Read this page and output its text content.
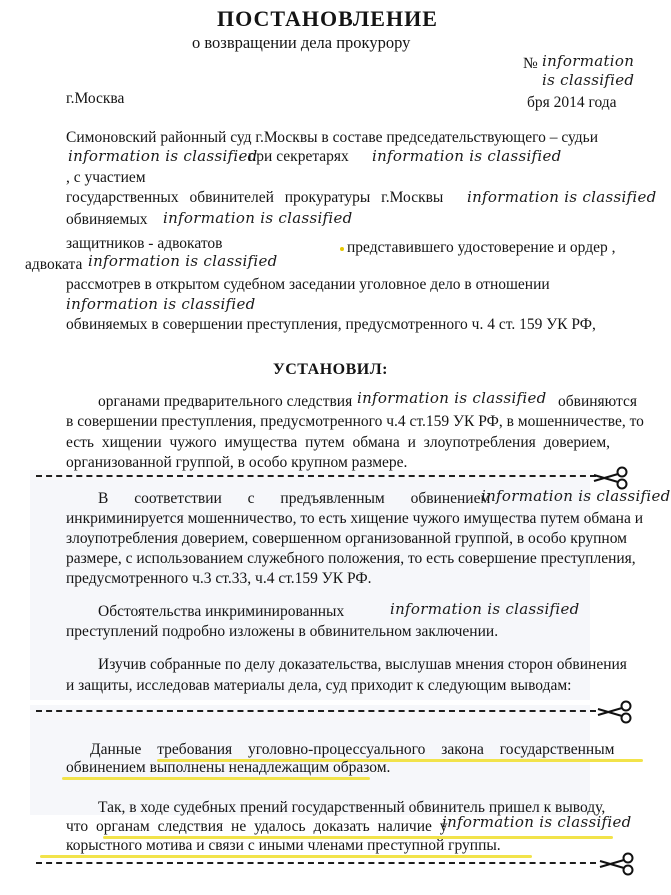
ПОСТАНОВЛЕНИЕ
о возвращении дела прокурору
№ information is classified
г.Москва	бря 2014 года
Симоновский районный суд г.Москвы в составе председательствующего – судьи
information is classified
при секретарях information is classified
, с участием
государственных обвинителей прокуратуры г.Москвы information is classified
обвиняемых information is classified
защитников - адвокатов	представившего удостоверение и ордер ,
адвоката information is classified
рассмотрев в открытом судебном заседании уголовное дело в отношении
information is classified
обвиняемых в совершении преступления, предусмотренного ч. 4 ст. 159 УК РФ,
УСТАНОВИЛ:
органами предварительного следствия information is classified обвиняются
в совершении преступления, предусмотренного ч.4 ст.159 УК РФ, в мошенничестве, то
есть хищении чужого имущества путем обмана и злоупотребления доверием,
организованной группой, в особо крупном размере.
В соответствии с предъявленным обвинением
information is classified
инкриминируется мошенничество, то есть хищение чужого имущества путем обмана и
злоупотребления доверием, совершенном организованной группой, в особо крупном
размере, с использованием служебного положения, то есть совершение преступления,
предусмотренного ч.3 ст.33, ч.4 ст.159 УК РФ.
Обстоятельства инкриминированных	information is classified
преступлений подробно изложены в обвинительном заключении.
Изучив собранные по делу доказательства, выслушав мнения сторон обвинения
и защиты, исследовав материалы дела, суд приходит к следующим выводам:
Данные требования уголовно-процессуального закона государственным
обвинением выполнены ненадлежащим образом.
Так, в ходе судебных прений государственный обвинитель пришел к выводу,
что органам следствия не удалось доказать наличие у
information is classified
корыстного мотива и связи с иными членами преступной группы.
